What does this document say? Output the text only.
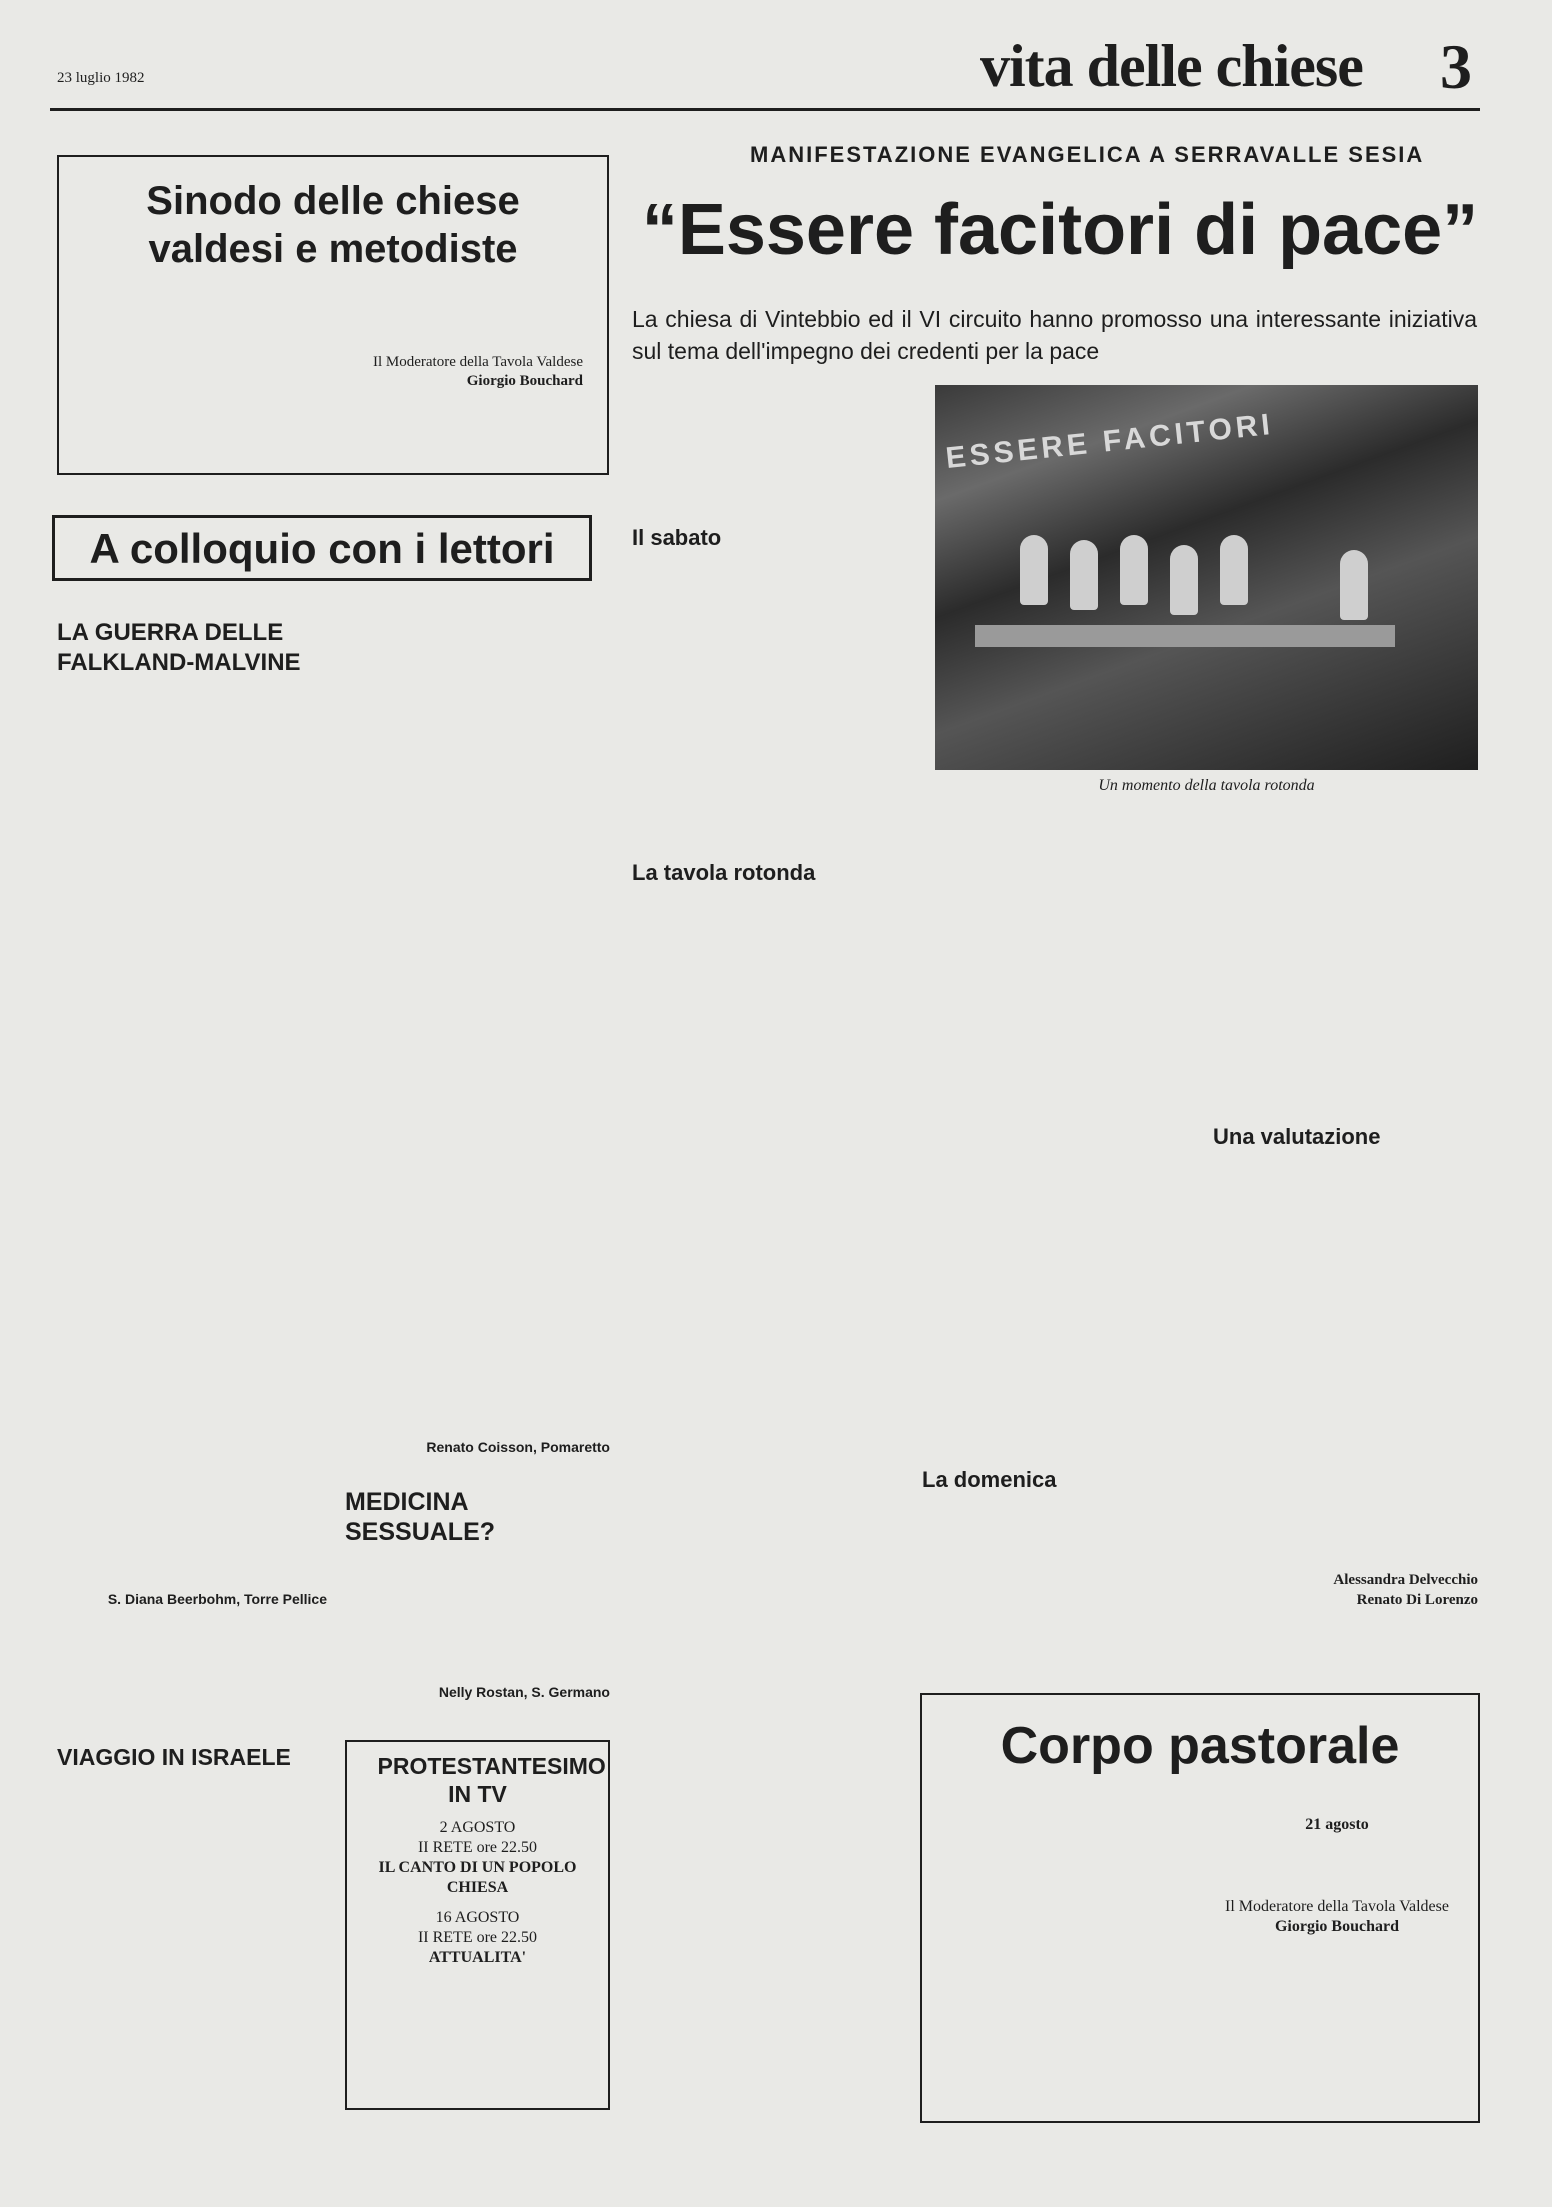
23 luglio 1982	vita delle chiese 3
Sinodo delle chiese valdesi e metodiste
Il Moderatore della Tavola Valdese
Giorgio Bouchard
A colloquio con i lettori
LA GUERRA DELLE FALKLAND-MALVINE
S. Diana Beerbohm, Torre Pellice
Renato Coisson, Pomaretto
MEDICINA SESSUALE?
Nelly Rostan, S. Germano
VIAGGIO IN ISRAELE	PROTESTANTESIMO IN TV

2 AGOSTO

II RETE ore 22.50

IL CANTO DI UN POPOLO CHIESA

16 AGOSTO

II RETE ore 22.50

ATTUALITA'

MANIFESTAZIONE EVANGELICA A SERRAVALLE SESIA
“Essere facitori di pace”
La chiesa di Vintebbio ed il VI circuito hanno promosso una interessante iniziativa sul tema dell'impegno dei credenti per la pace
Il sabato
ESSERE FACITORI
Un momento della tavola rotonda
La tavola rotonda
La domenica
Una valutazione
Alessandra Delvecchio
Renato Di Lorenzo
Corpo pastorale

21 agosto

Il Moderatore della Tavola Valdese
Giorgio Bouchard
